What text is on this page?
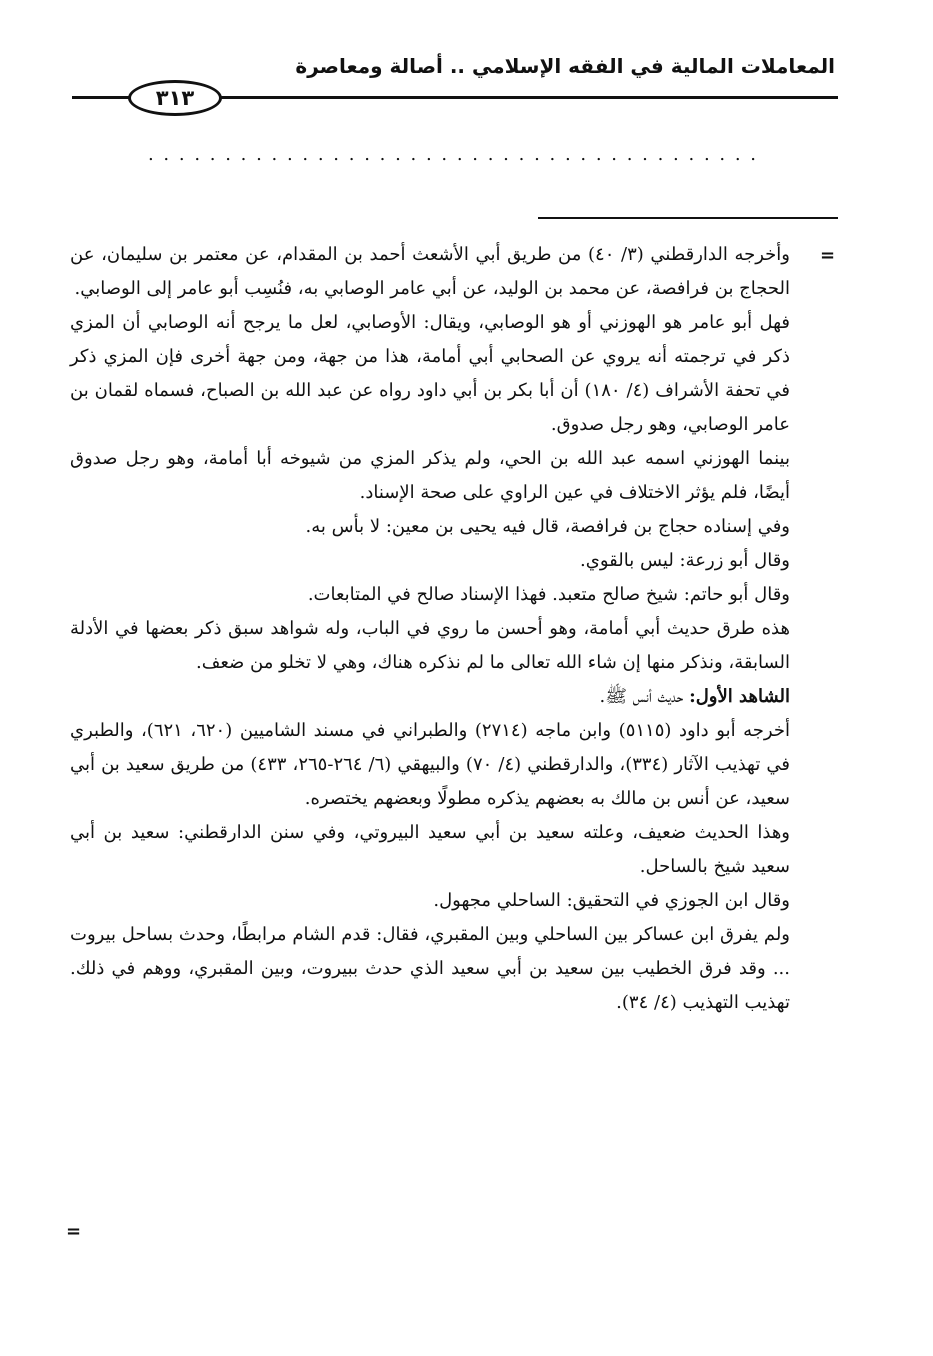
المعاملات المالية في الفقه الإسلامي .. أصالة ومعاصرة
٣١٣
. . . . . . . . . . . . . . . . . . . . . . . . . . . . . . . . . . . . . . . .
=

وأخرجه الدارقطني (٣/ ٤٠) من طريق أبي الأشعث أحمد بن المقدام، عن معتمر بن سليمان، عن الحجاج بن فرافصة، عن محمد بن الوليد، عن أبي عامر الوصابي به، فنُسِب أبو عامر إلى الوصابي.

فهل أبو عامر هو الهوزني أو هو الوصابي، ويقال: الأوصابي، لعل ما يرجح أنه الوصابي أن المزي ذكر في ترجمته أنه يروي عن الصحابي أبي أمامة، هذا من جهة، ومن جهة أخرى فإن المزي ذكر في تحفة الأشراف (٤/ ١٨٠) أن أبا بكر بن أبي داود رواه عن عبد الله بن الصباح، فسماه لقمان بن عامر الوصابي، وهو رجل صدوق.

بينما الهوزني اسمه عبد الله بن الحي، ولم يذكر المزي من شيوخه أبا أمامة، وهو رجل صدوق أيضًا، فلم يؤثر الاختلاف في عين الراوي على صحة الإسناد.

وفي إسناده حجاج بن فرافصة، قال فيه يحيى بن معين: لا بأس به.

وقال أبو زرعة: ليس بالقوي.

وقال أبو حاتم: شيخ صالح متعبد. فهذا الإسناد صالح في المتابعات.

هذه طرق حديث أبي أمامة، وهو أحسن ما روي في الباب، وله شواهد سبق ذكر بعضها في الأدلة السابقة، ونذكر منها إن شاء الله تعالى ما لم نذكره هناك، وهي لا تخلو من ضعف.

الشاهد الأول: حديث أنس ﷺ.

أخرجه أبو داود (٥١١٥) وابن ماجه (٢٧١٤) والطبراني في مسند الشاميين (٦٢٠، ٦٢١)، والطبري في تهذيب الآثار (٣٣٤)، والدارقطني (٤/ ٧٠) والبيهقي (٦/ ٢٦٤-٢٦٥، ٤٣٣) من طريق سعيد بن أبي سعيد، عن أنس بن مالك به بعضهم يذكره مطولًا وبعضهم يختصره.

وهذا الحديث ضعيف، وعلته سعيد بن أبي سعيد البيروتي، وفي سنن الدارقطني: سعيد بن أبي سعيد شيخ بالساحل.

وقال ابن الجوزي في التحقيق: الساحلي مجهول.

ولم يفرق ابن عساكر بين الساحلي وبين المقبري، فقال: قدم الشام مرابطًا، وحدث بساحل بيروت ... وقد فرق الخطيب بين سعيد بن أبي سعيد الذي حدث ببيروت، وبين المقبري، ووهم في ذلك. تهذيب التهذيب (٤/ ٣٤).

=
